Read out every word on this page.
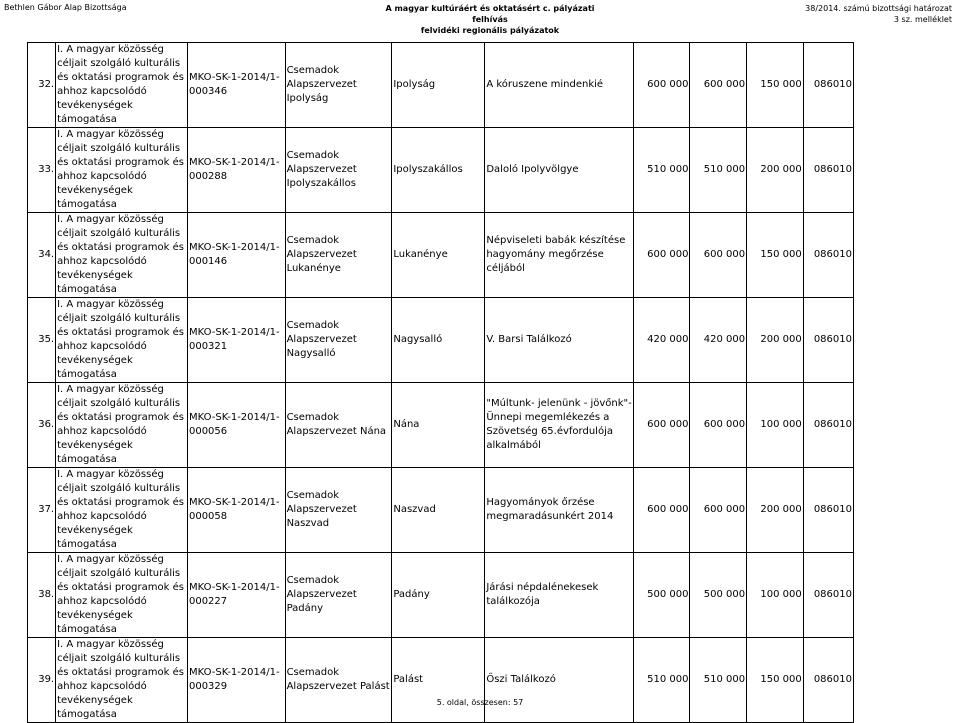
Bethlen Gábor Alap Bizottsága	A magyar kultúráért és oktatásért c. pályázati felhívás
felvidéki regionális pályázatok
38/2014. számú bizottsági határozat
3 sz. melléklet
32.	I. A magyar közösség céljait szolgáló kulturális és oktatási programok és ahhoz kapcsolódó tevékenységek támogatása	MKO-SK-1-2014/1-000346	Csemadok Alapszervezet Ipolyság	Ipolyság	A kóruszene mindenkié	600 000	600 000	150 000	086010
33.	I. A magyar közösség céljait szolgáló kulturális és oktatási programok és ahhoz kapcsolódó tevékenységek támogatása	MKO-SK-1-2014/1-000288	Csemadok Alapszervezet Ipolyszakállos	Ipolyszakállos	Daloló Ipolyvölgye	510 000	510 000	200 000	086010
34.	I. A magyar közösség céljait szolgáló kulturális és oktatási programok és ahhoz kapcsolódó tevékenységek támogatása	MKO-SK-1-2014/1-000146	Csemadok Alapszervezet Lukanénye	Lukanénye	Népviseleti babák készítése hagyomány megőrzése céljából	600 000	600 000	150 000	086010
35.	I. A magyar közösség céljait szolgáló kulturális és oktatási programok és ahhoz kapcsolódó tevékenységek támogatása	MKO-SK-1-2014/1-000321	Csemadok Alapszervezet Nagysalló	Nagysalló	V. Barsi Találkozó	420 000	420 000	200 000	086010
36.	I. A magyar közösség céljait szolgáló kulturális és oktatási programok és ahhoz kapcsolódó tevékenységek támogatása	MKO-SK-1-2014/1-000056	Csemadok Alapszervezet Nána	Nána	"Múltunk- jelenünk - jövőnk"- Ünnepi megemlékezés a Szövetség 65.évfordulója alkalmából	600 000	600 000	100 000	086010
37.	I. A magyar közösség céljait szolgáló kulturális és oktatási programok és ahhoz kapcsolódó tevékenységek támogatása	MKO-SK-1-2014/1-000058	Csemadok Alapszervezet Naszvad	Naszvad	Hagyományok őrzése megmaradásunkért 2014	600 000	600 000	200 000	086010
38.	I. A magyar közösség céljait szolgáló kulturális és oktatási programok és ahhoz kapcsolódó tevékenységek támogatása	MKO-SK-1-2014/1-000227	Csemadok Alapszervezet Padány	Padány	Járási népdalénekesek találkozója	500 000	500 000	100 000	086010
39.	I. A magyar közösség céljait szolgáló kulturális és oktatási programok és ahhoz kapcsolódó tevékenységek támogatása	MKO-SK-1-2014/1-000329	Csemadok Alapszervezet Palást	Palást	Őszi Találkozó	510 000	510 000	150 000	086010
5. oldal, összesen: 57
